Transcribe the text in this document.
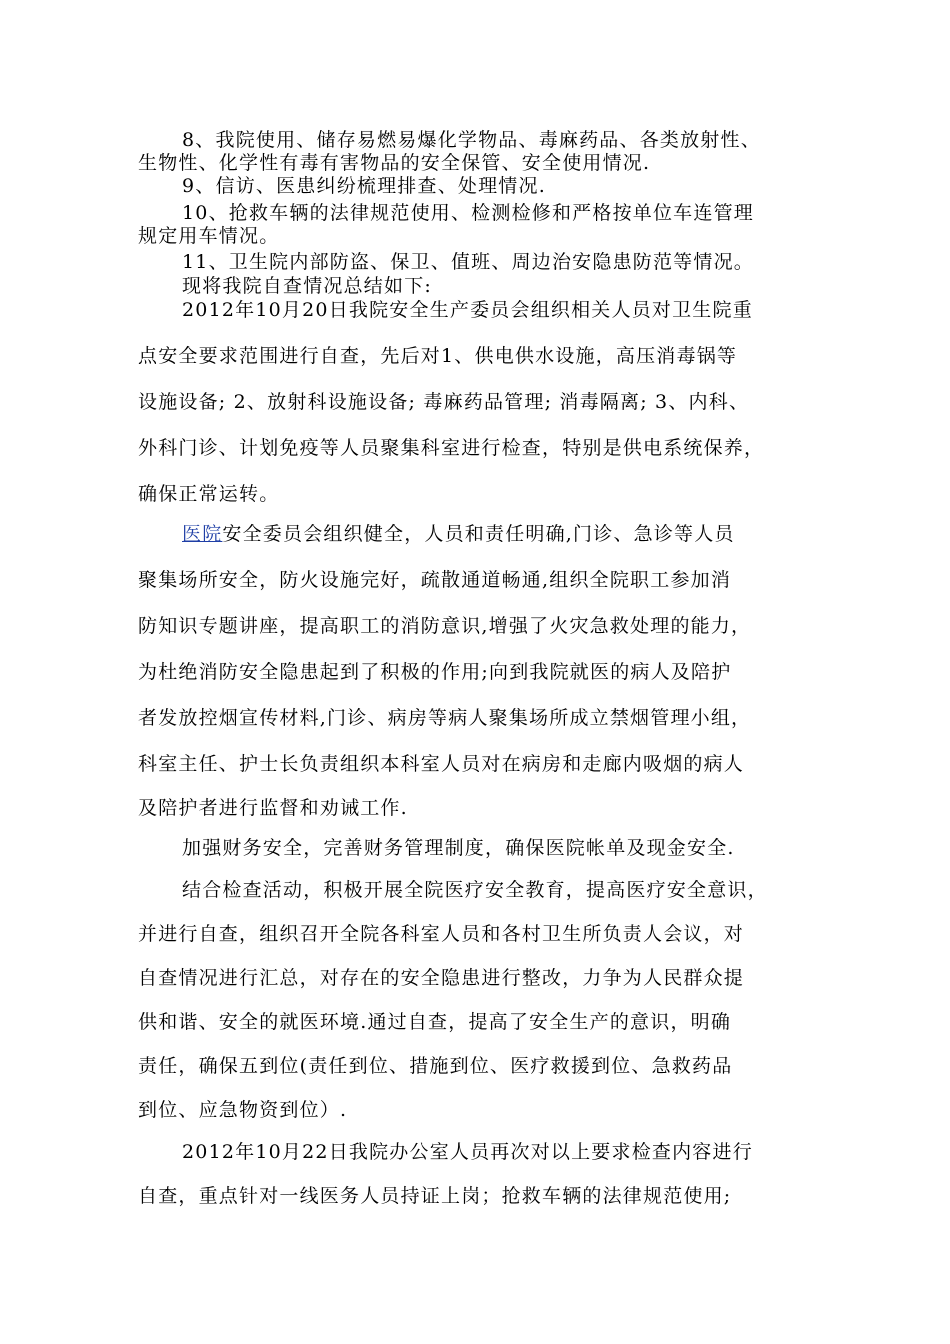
8、我院使用、储存易燃易爆化学物品、毒麻药品、各类放射性、
生物性、化学性有毒有害物品的安全保管、安全使用情况.
9、信访、医患纠纷梳理排查、处理情况.
10、抢救车辆的法律规范使用、检测检修和严格按单位车连管理
规定用车情况。
11、卫生院内部防盗、保卫、值班、周边治安隐患防范等情况。
现将我院自查情况总结如下:
2012年10月20日我院安全生产委员会组织相关人员对卫生院重
点安全要求范围进行自查，先后对1、供电供水设施，高压消毒锅等
设施设备; 2、放射科设施设备; 毒麻药品管理; 消毒隔离; 3、内科、
外科门诊、计划免疫等人员聚集科室进行检查，特别是供电系统保养，
确保正常运转。
医院安全委员会组织健全，人员和责任明确,门诊、急诊等人员
聚集场所安全，防火设施完好，疏散通道畅通,组织全院职工参加消
防知识专题讲座，提高职工的消防意识,增强了火灾急救处理的能力，
为杜绝消防安全隐患起到了积极的作用;向到我院就医的病人及陪护
者发放控烟宣传材料,门诊、病房等病人聚集场所成立禁烟管理小组，
科室主任、护士长负责组织本科室人员对在病房和走廊内吸烟的病人
及陪护者进行监督和劝诫工作.
加强财务安全，完善财务管理制度，确保医院帐单及现金安全.
结合检查活动，积极开展全院医疗安全教育，提高医疗安全意识，
并进行自查，组织召开全院各科室人员和各村卫生所负责人会议，对
自查情况进行汇总，对存在的安全隐患进行整改，力争为人民群众提
供和谐、安全的就医环境.通过自查，提高了安全生产的意识，明确
责任，确保五到位(责任到位、措施到位、医疗救援到位、急救药品
到位、应急物资到位）.
2012年10月22日我院办公室人员再次对以上要求检查内容进行
自查，重点针对一线医务人员持证上岗；抢救车辆的法律规范使用;
